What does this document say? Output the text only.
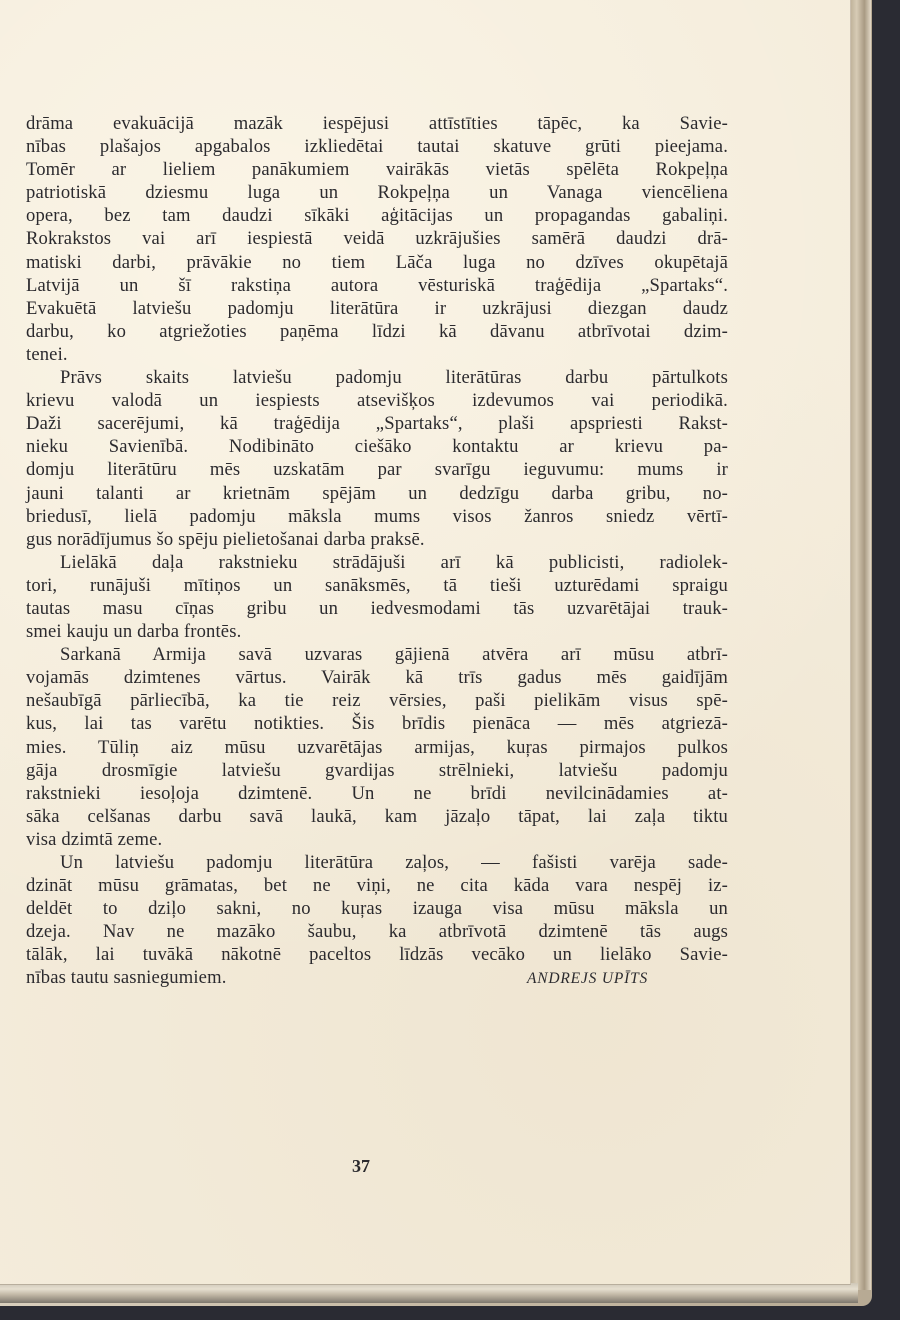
drāma evakuācijā mazāk iespējusi attīstīties tāpēc, ka Savie-
nības plašajos apgabalos izkliedētai tautai skatuve grūti pieejama.
Tomēr ar lieliem panākumiem vairākās vietās spēlēta Rokpeļņa
patriotiskā dziesmu luga un Rokpeļņa un Vanaga viencēliena
opera, bez tam daudzi sīkāki aģitācijas un propagandas gabaliņi.
Rokrakstos vai arī iespiestā veidā uzkrājušies samērā daudzi drā-
matiski darbi, prāvākie no tiem Lāča luga no dzīves okupētajā
Latvijā un šī rakstiņa autora vēsturiskā traģēdija „Spartaks“.
Evakuētā latviešu padomju literātūra ir uzkrājusi diezgan daudz
darbu, ko atgriežoties paņēma līdzi kā dāvanu atbrīvotai dzim-
tenei.
Prāvs skaits latviešu padomju literātūras darbu pārtulkots
krievu valodā un iespiests atsevišķos izdevumos vai periodikā.
Daži sacerējumi, kā traģēdija „Spartaks“, plaši apspriesti Rakst-
nieku Savienībā. Nodibināto ciešāko kontaktu ar krievu pa-
domju literātūru mēs uzskatām par svarīgu ieguvumu: mums ir
jauni talanti ar krietnām spējām un dedzīgu darba gribu, no-
briedusī, lielā padomju māksla mums visos žanros sniedz vērtī-
gus norādījumus šo spēju pielietošanai darba praksē.
Lielākā daļa rakstnieku strādājuši arī kā publicisti, radiolek-
tori, runājuši mītiņos un sanāksmēs, tā tieši uzturēdami spraigu
tautas masu cīņas gribu un iedvesmodami tās uzvarētājai trauk-
smei kauju un darba frontēs.
Sarkanā Armija savā uzvaras gājienā atvēra arī mūsu atbrī-
vojamās dzimtenes vārtus. Vairāk kā trīs gadus mēs gaidījām
nešaubīgā pārliecībā, ka tie reiz vērsies, paši pielikām visus spē-
kus, lai tas varētu notikties. Šis brīdis pienāca — mēs atgriezā-
mies. Tūliņ aiz mūsu uzvarētājas armijas, kuŗas pirmajos pulkos
gāja drosmīgie latviešu gvardijas strēlnieki, latviešu padomju
rakstnieki iesoļoja dzimtenē. Un ne brīdi nevilcinādamies at-
sāka celšanas darbu savā laukā, kam jāzaļo tāpat, lai zaļa tiktu
visa dzimtā zeme.
Un latviešu padomju literātūra zaļos, — fašisti varēja sade-
dzināt mūsu grāmatas, bet ne viņi, ne cita kāda vara nespēj iz-
deldēt to dziļo sakni, no kuŗas izauga visa mūsu māksla un
dzeja. Nav ne mazāko šaubu, ka atbrīvotā dzimtenē tās augs
tālāk, lai tuvākā nākotnē paceltos līdzās vecāko un lielāko Savie-
nības tautu sasniegumiem.	ANDREJS UPĪTS
37
